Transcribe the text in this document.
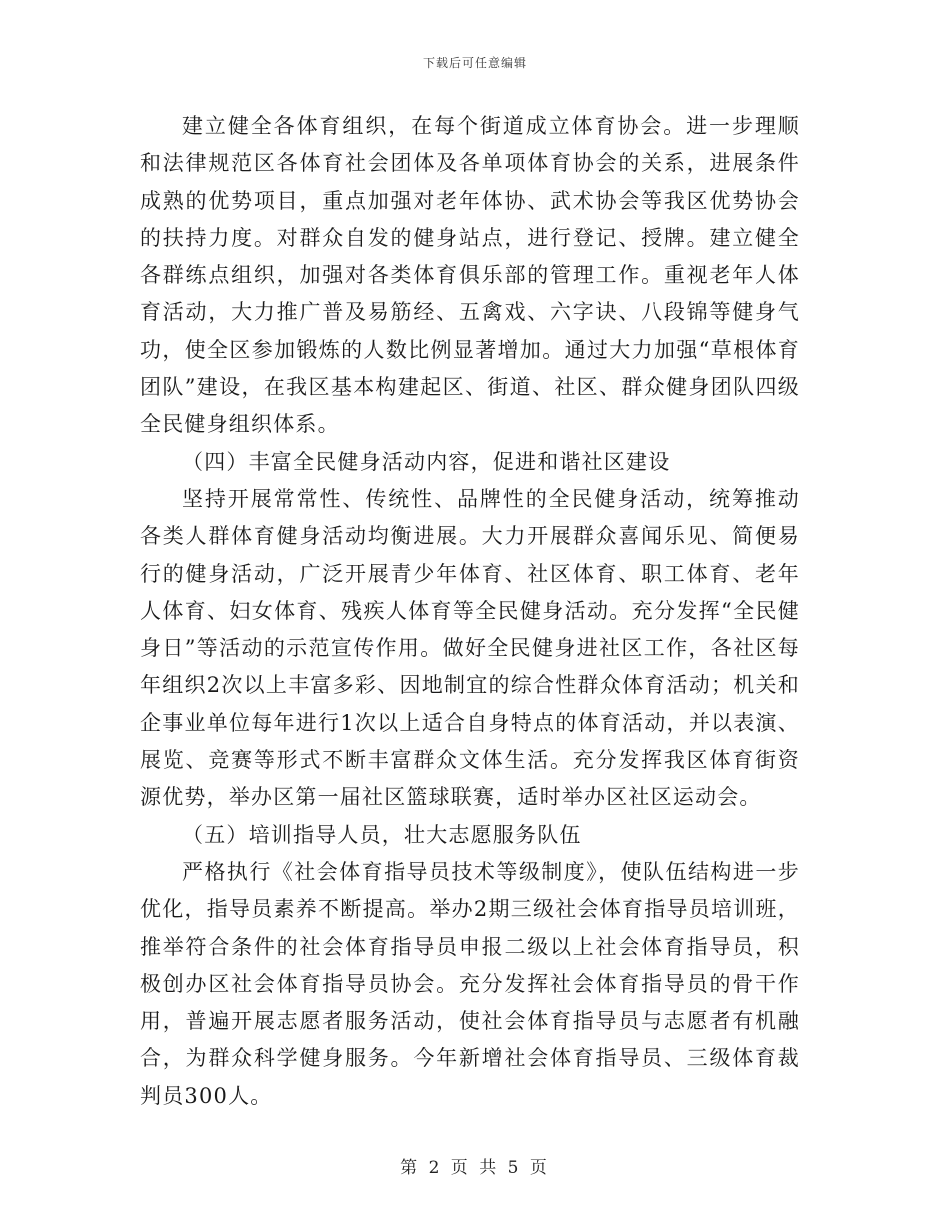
下载后可任意编辑

建立健全各体育组织，在每个街道成立体育协会。进一步理顺和法律规范区各体育社会团体及各单项体育协会的关系，进展条件成熟的优势项目，重点加强对老年体协、武术协会等我区优势协会的扶持力度。对群众自发的健身站点，进行登记、授牌。建立健全各群练点组织，加强对各类体育俱乐部的管理工作。重视老年人体育活动，大力推广普及易筋经、五禽戏、六字诀、八段锦等健身气功，使全区参加锻炼的人数比例显著增加。通过大力加强“草根体育团队”建设，在我区基本构建起区、街道、社区、群众健身团队四级全民健身组织体系。

（四）丰富全民健身活动内容，促进和谐社区建设

坚持开展常常性、传统性、品牌性的全民健身活动，统筹推动各类人群体育健身活动均衡进展。大力开展群众喜闻乐见、简便易行的健身活动，广泛开展青少年体育、社区体育、职工体育、老年人体育、妇女体育、残疾人体育等全民健身活动。充分发挥“全民健身日”等活动的示范宣传作用。做好全民健身进社区工作，各社区每年组织2次以上丰富多彩、因地制宜的综合性群众体育活动；机关和企事业单位每年进行1次以上适合自身特点的体育活动，并以表演、展览、竞赛等形式不断丰富群众文体生活。充分发挥我区体育街资源优势，举办区第一届社区篮球联赛，适时举办区社区运动会。

（五）培训指导人员，壮大志愿服务队伍

严格执行《社会体育指导员技术等级制度》，使队伍结构进一步优化，指导员素养不断提高。举办2期三级社会体育指导员培训班，推举符合条件的社会体育指导员申报二级以上社会体育指导员，积极创办区社会体育指导员协会。充分发挥社会体育指导员的骨干作用，普遍开展志愿者服务活动，使社会体育指导员与志愿者有机融合，为群众科学健身服务。今年新增社会体育指导员、三级体育裁判员300人。

第 2 页 共 5 页
